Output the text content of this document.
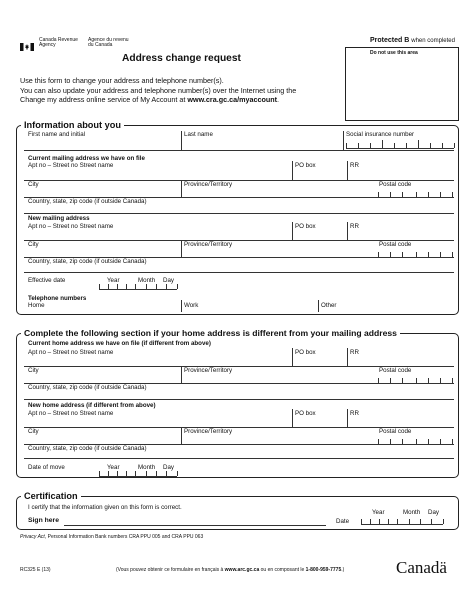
Canada Revenue
Agency
Agence du revenu
du Canada
Protected B when completed
Do not use this area
Address change request
Use this form to change your address and telephone number(s).
You can also update your address and telephone number(s) over the Internet using the
Change my address online service of My Account at www.cra.gc.ca/myaccount.
Information about you
First name and initial	Last name	Social insurance number
Current mailing address we have on file
Apt no – Street no Street name	PO box	RR
City	Province/Territory	Postal code
Country, state, zip code (if outside Canada)
New mailing address
Apt no – Street no Street name	PO box	RR
City	Province/Territory	Postal code
Country, state, zip code (if outside Canada)
Effective date	Year	Month Day
Telephone numbers
Home	Work	Other
Complete the following section if your home address is different from your mailing address
Current home address we have on file (if different from above)
Apt no – Street no Street name	PO box	RR
City	Province/Territory	Postal code
Country, state, zip code (if outside Canada)
New home address (if different from above)
Apt no – Street no Street name	PO box	RR
City	Province/Territory	Postal code
Country, state, zip code (if outside Canada)
Date of move	Year	Month Day
Certification
I certify that the information given on this form is correct.
Sign here	Date
Year	Month Day
Privacy Act, Personal Information Bank numbers CRA PPU 005 and CRA PPU 063
RC325 E (13)	(Vous pouvez obtenir ce formulaire en français à www.arc.gc.ca ou en composant le 1-800-959-7775.)	Canadä
